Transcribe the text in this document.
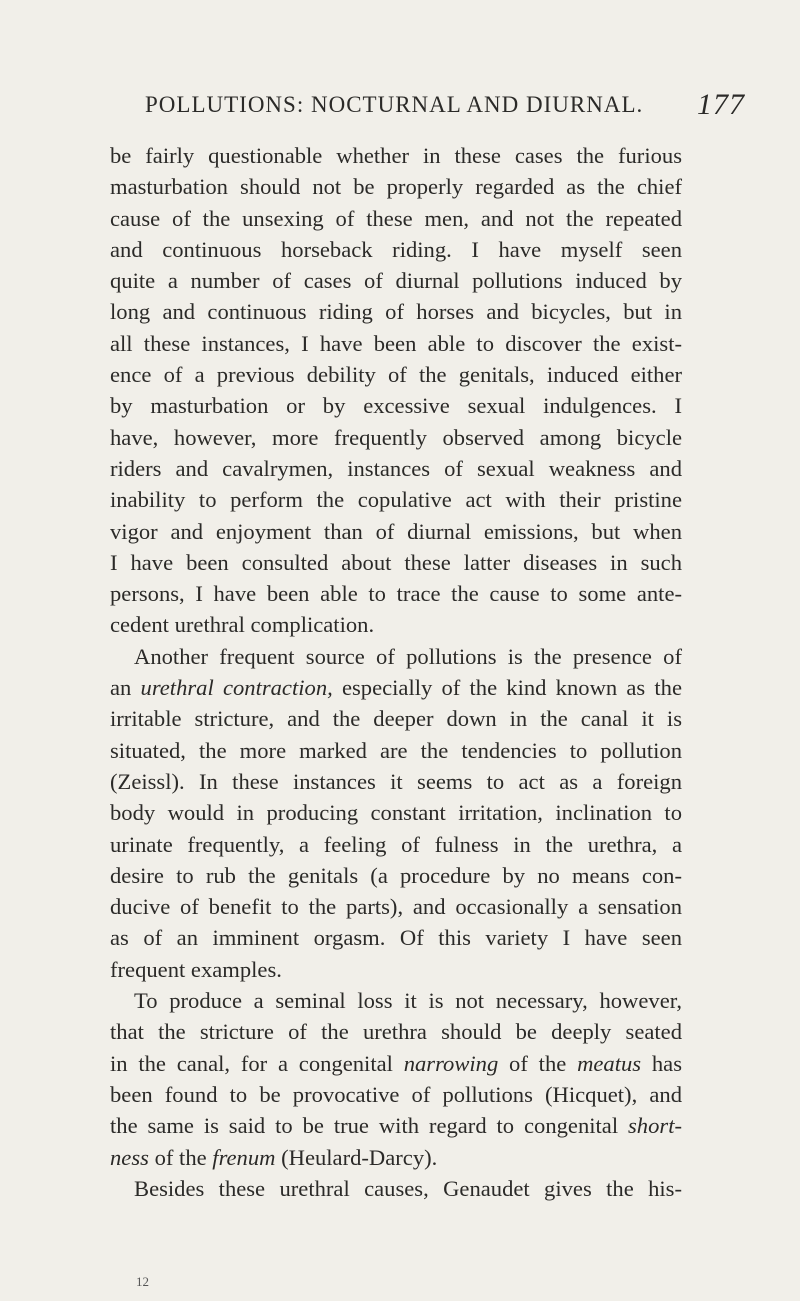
POLLUTIONS: NOCTURNAL AND DIURNAL. 177
be fairly questionable whether in these cases the furious
masturbation should not be properly regarded as the chief
cause of the unsexing of these men, and not the repeated
and continuous horseback riding. I have myself seen
quite a number of cases of diurnal pollutions induced by
long and continuous riding of horses and bicycles, but in
all these instances, I have been able to discover the exist-
ence of a previous debility of the genitals, induced either
by masturbation or by excessive sexual indulgences. I
have, however, more frequently observed among bicycle
riders and cavalrymen, instances of sexual weakness and
inability to perform the copulative act with their pristine
vigor and enjoyment than of diurnal emissions, but when
I have been consulted about these latter diseases in such
persons, I have been able to trace the cause to some ante-
cedent urethral complication.
Another frequent source of pollutions is the presence of
an urethral contraction, especially of the kind known as the
irritable stricture, and the deeper down in the canal it is
situated, the more marked are the tendencies to pollution
(Zeissl). In these instances it seems to act as a foreign
body would in producing constant irritation, inclination to
urinate frequently, a feeling of fulness in the urethra, a
desire to rub the genitals (a procedure by no means con-
ducive of benefit to the parts), and occasionally a sensation
as of an imminent orgasm. Of this variety I have seen
frequent examples.
To produce a seminal loss it is not necessary, however,
that the stricture of the urethra should be deeply seated
in the canal, for a congenital narrowing of the meatus has
been found to be provocative of pollutions (Hicquet), and
the same is said to be true with regard to congenital short-
ness of the frenum (Heulard-Darcy).
Besides these urethral causes, Genaudet gives the his-
12
